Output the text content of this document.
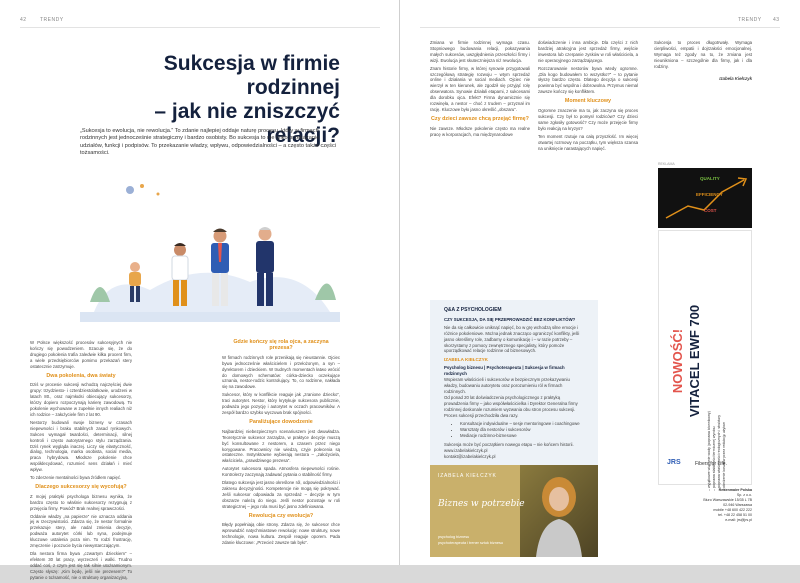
42	TRENDY
Sukcesja w firmie rodzinnej
– jak nie zniszczyć relacji?
„Sukcesja to ewolucja, nie rewolucja.” To zdanie najlepiej oddaje naturę procesu, który w firmach rodzinnych jest jednocześnie strategiczny i bardzo osobisty. Bo sukcesja to nie tylko przekazanie udziałów, funkcji i podpisów. To przekazanie władzy, wpływu, odpowiedzialności – a często także części tożsamości.

W Polsce większość procesów sukcesyjnych nie kończy się powodzeniem. Szacuje się, że do drugiego pokolenia trafia zaledwie kilka procent firm, a wiele przedsiębiorców pomimo przekazań stery ostatecznie zatrzymuje.

Dwa pokolenia, dwa światy

Dziś w procesie sukcesji wchodzą najczęściej dwie grupy: trzydziesto- i czterdziestolatkowie, urodzeni w latach 80., oraz najmłodsi obiecujący sukcesorzy, którzy dopiero rozpoczynają karierę zawodową. To pokolenie wychowane w zupełnie innych realiach niż ich rodzice – założyciele firm z lat 90.

Nestorzy budowali swoje biznesy w czasach niepewności i braku stabilnych zasad rynkowych. Sukces wymagał twardości, determinacji, silnej kontroli i często autorytarnego stylu zarządzania. Dziś rynek wygląda inaczej. Liczy się elastyczność, dialog, technologia, marka osobista, social media, praca hybrydowa. Młodsze pokolenie chce współdecydować, rozumieć sens działań i mieć wpływ.

To zderzenie mentalności bywa źródłem napięć.

Dlaczego sukcesorzy się wycofują?

Z mojej praktyki psychologa biznesu wynika, że bardzo często to właśnie sukcesorzy rezygnują z przejęcia firmy. Powód? Brak realnej sprawczości.

Oddanie władzy „na papierze” nie oznacza oddania jej w rzeczywistości. Zdarza się, że nestor formalnie przekazuje stery, ale nadal zmienia decyzje, podważa autorytet córki lub syna, podejmuje kluczowe ustalenia poza nim. To rodzi frustrację, zmęczenie i poczucie bycia niewystarczającym.

Dla nestora firma bywa „czwartym dzieckiem” – efektem 30 lat pracy, wyrzeczeń i walki. Trudno oddać coś, z czym jest się tak silnie utożsamionym. Często słyszę: „Kim będę, jeśli nie prezesem?” To pytanie o tożsamość, nie o strukturę organizacyjną.

Gdzie kończy się rola ojca, a zaczyna prezesa?

W firmach rodzinnych role przenikają się nieustannie. Ojciec bywa jednocześnie właścicielem i przełożonym, a syn – dyrektorem i dzieckiem. W trudnych momentach łatwo wrócić do domowych schematów: córka-dziecko oczekujące uznania, nestor-rodzic kontrolujący. To, co rodzinne, nakłada się na zawodowe.

Sukcesor, który w konflikcie reaguje jak „zranione dziecko”, traci autorytet. Nestor, który krytykuje sukcesora publicznie, podważa jego pozycję i autorytet w oczach pracowników. A zespół bardzo szybko wyczuwa brak spójności.

Paraliżujące dowodzenie

Najbardziej niebezpiecznym scenariuszem jest dwuwładza. Teoretycznie sukcesor zarządza, w praktyce decyzje muszą być konsultowane z nestorem, a czasem przez niego korygowane. Pracownicy nie wiedzą, czyje polecenia są ostateczne. Instynktowne wybierają nestora – „założyciela, właściciela, „prawdziwego prezesa”.

Autorytet sukcesora spada. Atmosfera niepewności rośnie. Kontrolerzy zaczynają zadawać pytania o stabilność firmy.

Dlatego sukcesja jest jasno określone ról, odpowiedzialności i zakresu decyzyjności. Kompetencje nie mogą się pokrywać. Jeśli sukcesor odpowiada za sprzedaż – decyzje w tym obszarze należą do niego. Jeśli nestor pozostaje w roli strategicznej – jego rola musi być jasno zdefiniowana.

Rewolucja czy ewolucja?

Błędy popełniają obie strony. Zdarza się, że sukcesor chce wprowadzić natychmiastowe rewolucję: nowe struktury, nowe technologie, nowa kultura. Zespół reaguje oporem. Pada zdanie kluczowe: „Przecież zawsze tak było”.

TRENDY 43

Zmiana w firmie rodzinnej wymaga czasu. Stopniowego budowania relacji, pokazywania małych sukcesów, uwzględnienia przeszłości firmy i wizji. Ewolucja jest skuteczniejsza niż rewolucja.

Znam historie firmy, w której synowie przygotowali szczegółową strategię rozwoju – wtym sprzedaż online i działania w social mediach. Ojciec nie wierzył w ten kierunek, ale zgodził się przyjąć rolę obserwatora. Synowie działali etapami, z sukcesami dla dorobku ojca. Efekt? Firma dynamicznie się rozwinęła, a nestor – choć z trudem – przyznał im rację. Kluczowe było jasno określić „obszaru”.

Czy dzieci zawsze chcą przejąć firmę?

Nie zawsze. Młodsze pokolenie często ma realne pracę w korporacjach, ma międzynarodowe

doświadczenie i inna ambicje. Dla części z nich bardziej atrakcyjna jest sprzedaż firmy, wejście inwestora lub czerpanie zysków w roli właściciela, a nie operacyjnego zarządzającego.

Rozczarowanie nestorów bywa wtedy ogromne. „Dla kogo budowałem to wszystko?” – to pytanie słyszę bardzo często. Dlatego decyzja o sukcesji powinna być wspólna i dobrowolna. Przymus niemal zawsze kończy się konfliktem.

Moment kluczowy

Ogromne znaczenie ma to, jak zaczyna się proces sukcesji. Czy był to pomysł rodziców? Czy dzieci same zgłosiły gotowość? Czy może przejęcie firmy było reakcją na kryzys?

Ten moment rzutuje na całą przyszłość. Im więcej otwartej rozmowy na początku, tym większa szansa na uniknięcie narastających napięć.

Sukcesja to proces długotrwały. Wymaga cierpliwości, empatii i dojrzałości emocjonalnej. Wymaga też zgody na to, że zmiana jest nieunikniona – szczególnie dla firmy, jak i dla rodziny.

Izabela Kiełczyk

Q&A Z PSYCHOLOGIEM
CZY SUKCESJA, DA SIĘ PRZEPROWADZIĆ BEZ KONFLIKTÓW?

Nie da się całkowicie uniknąć napięć, bo w grę wchodzą silne emocje i różnice pokoleniowe. Można jednak znacząco ograniczyć konflikty, jeśli jasno określimy role, zadbamy o komunikację i – w razie potrzeby – skorzystamy z pomocy zewnętrznego specjalisty, który pomoże uporządkować relacje rodzinne od biznesowych.

IZABELA KIEŁCZYK

Psycholog biznesu | Psychoterapeuta | Sukcesja w firmach rodzinnych

Wspieram właścicieli i sukcesorów w bezpiecznym przekazywaniu władzy, budowaniu autorytetu oraz porozumieniu ról w firmach rodzinnych.

Od ponad 20 lat doświadczenia psychologicznego z praktyką prowadzenia firmy – jako współwłaścicielka i Dyrektor Generalna firmy rodzinnej doskonale rozumiem wyzwania obu stron procesu sukcesji. Proces sukcesji przechodziła dwa razy.

• Konsultacje indywidualne – sesje mentoringowe i coachingowe
• Warsztaty dla nestorów i sukcesorów
• Mediacje rodzinno-biznesowe

Sukcesja może być początkiem nowego etapu – nie końcem historii.

www.izabelakielczyk.pl

kontakt@izabelakielczyk.pl

IZABELA KIEŁCZYK
Biznes w potrzebie
psycholog biznesu
psychoterapeuta i trener sztuk biznesu
REKLAMA
QUALITY
EFFICIENCY
COST
NOWOŚĆ! VITACEL EWF 700
– wyjątkowe wiązanie wody (poprawa błonnikowy) – poprawa stabilności termicznej wyrobu – poprawa właściwości reologicznych i struktury – obniżenie kosztów przez redukcję użyłow
JRS	Fibers for Life.
Rettenmaier Polska
Sp. z o.o.
Biuro Warszawskie 15/35 L 7B
02-946 Warszawa
mobile +48 600 422 222
tel. +48 22 458 51 00
e-mail: jrs@jrs.pl
